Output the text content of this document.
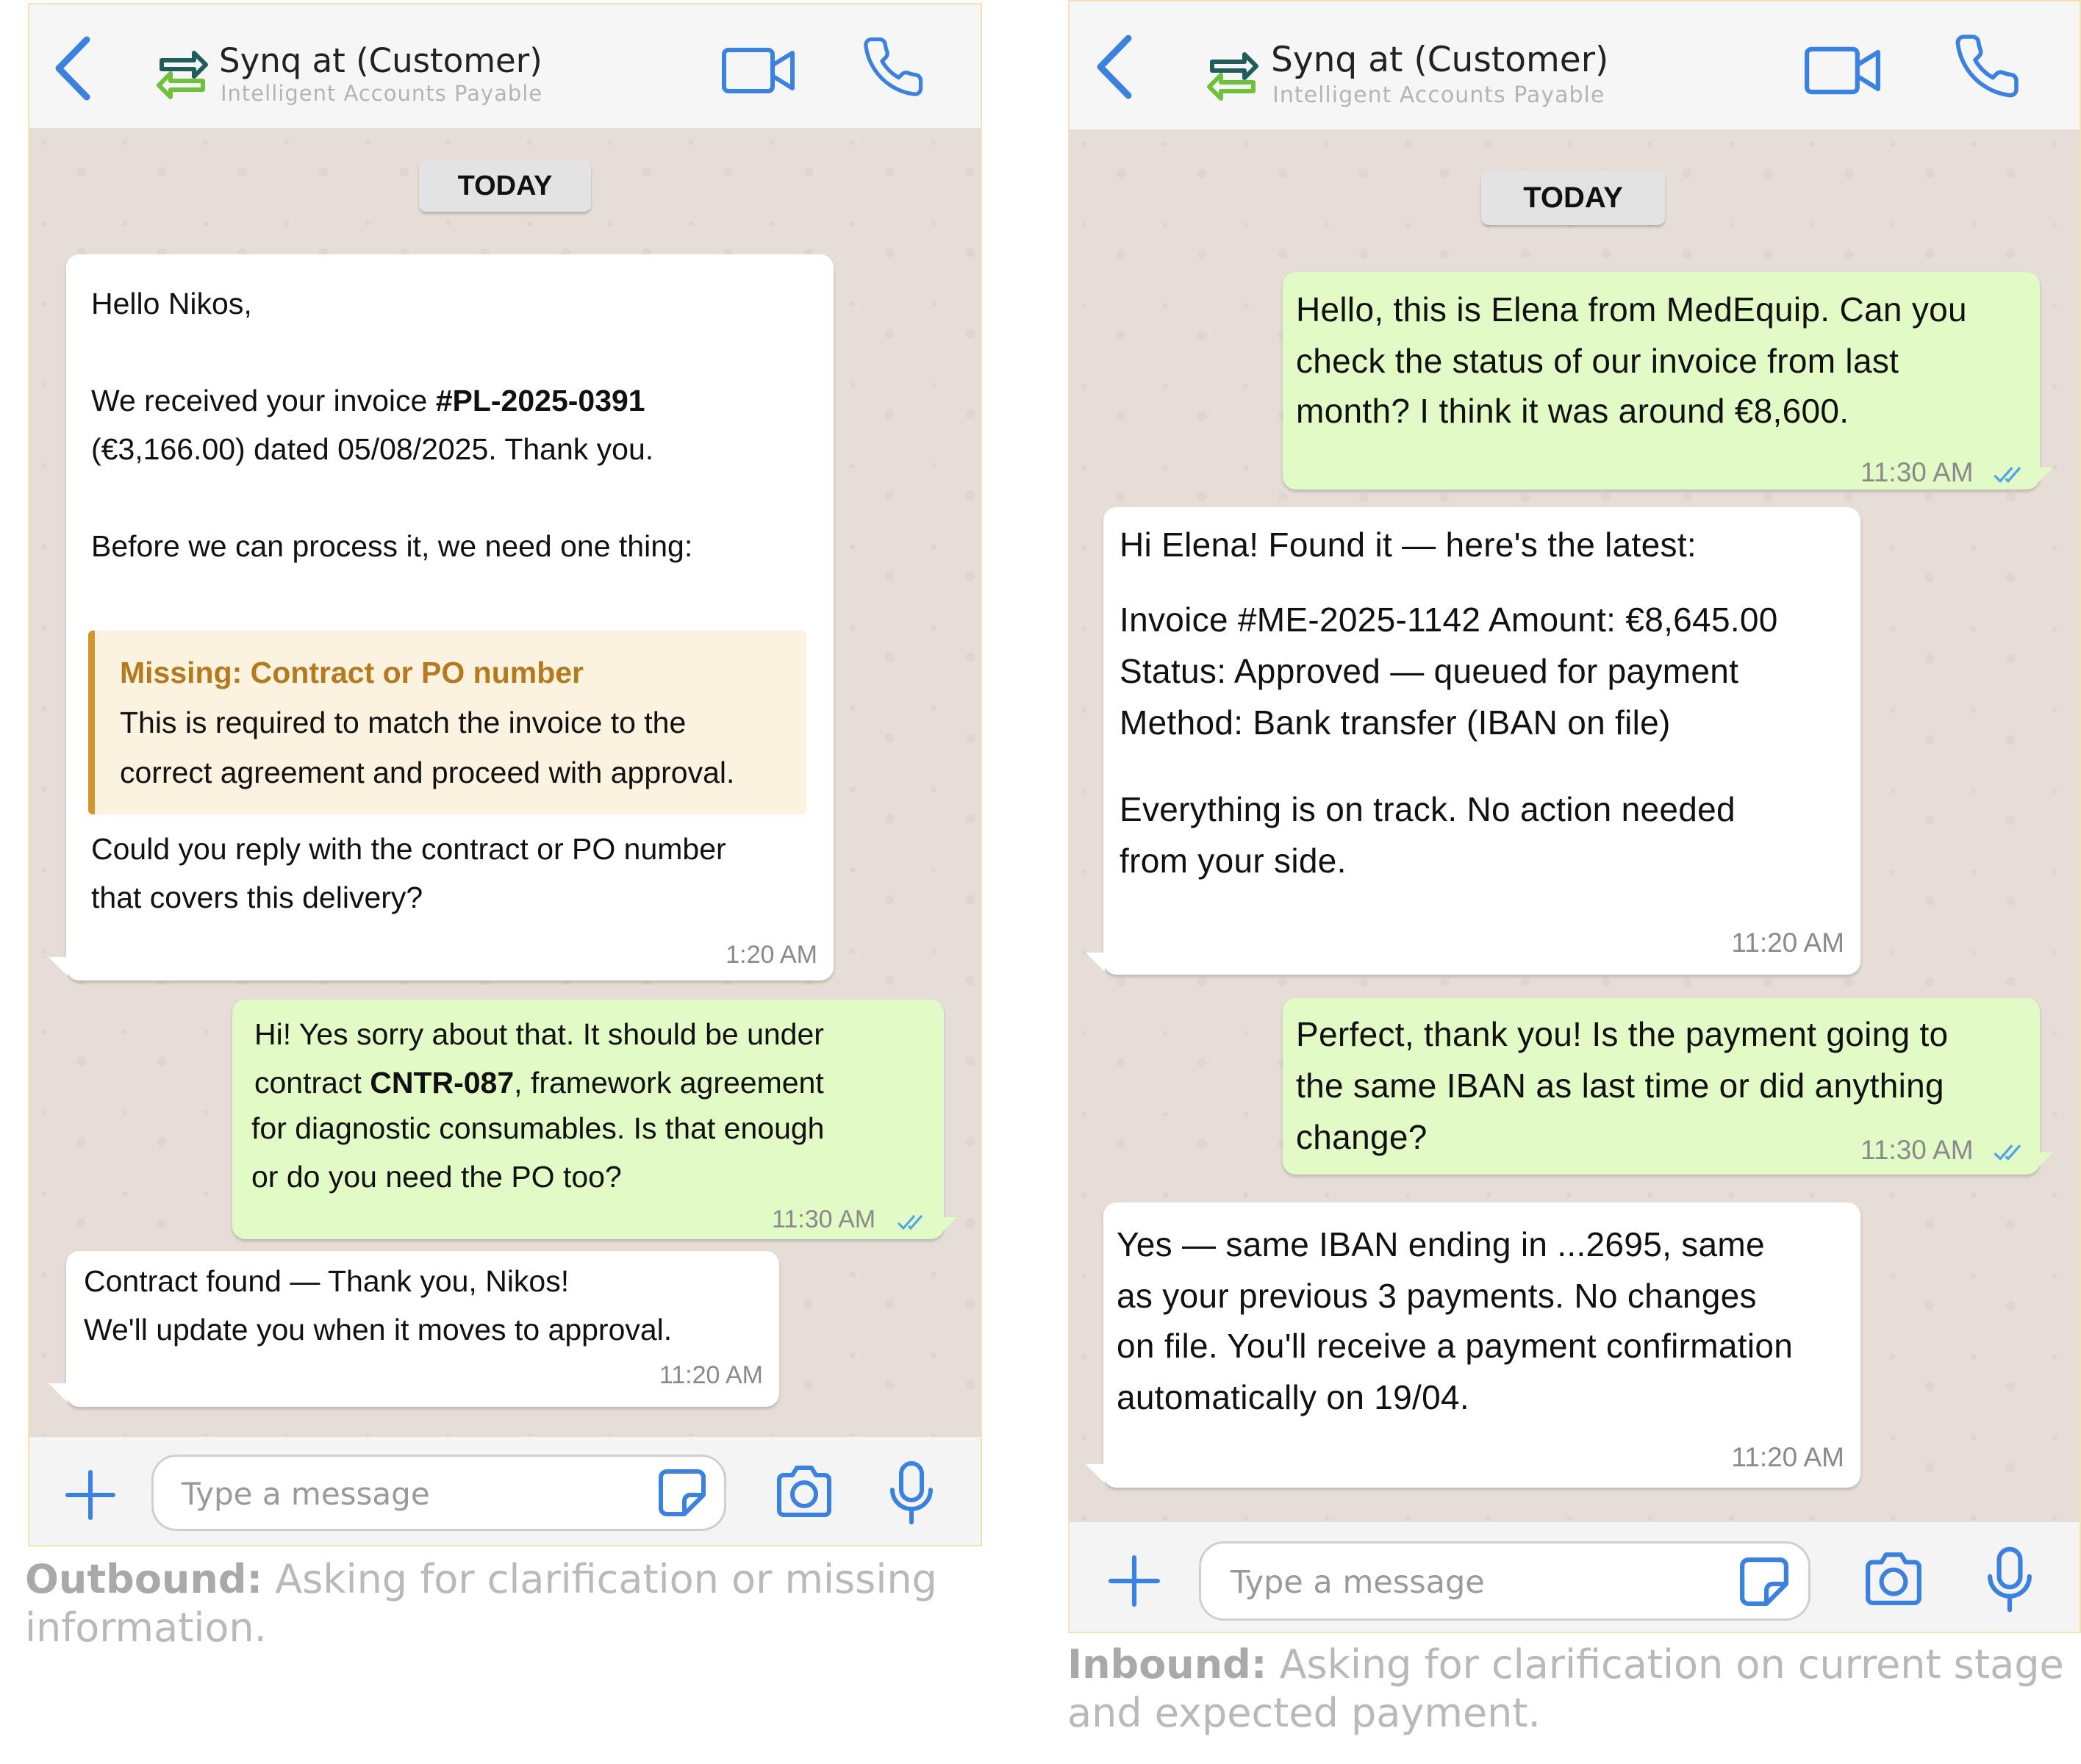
Synq at (Customer)
Intelligent Accounts Payable
TODAY
Hello Nikos,
We received your invoice #PL-2025-0391
(€3,166.00) dated 05/08/2025. Thank you.
Before we can process it, we need one thing:
Missing: Contract or PO number
This is required to match the invoice to the
correct agreement and proceed with approval.
Could you reply with the contract or PO number
that covers this delivery?
1:20 AM
Hi! Yes sorry about that. It should be under
contract CNTR-087, framework agreement
for diagnostic consumables. Is that enough
or do you need the PO too?
11:30 AM
Contract found — Thank you, Nikos!
We'll update you when it moves to approval.
11:20 AM
Type a message
Outbound: Asking for clarification or missing
information.
Synq at (Customer)
Intelligent Accounts Payable
TODAY
Hello, this is Elena from MedEquip. Can you
check the status of our invoice from last
month? I think it was around €8,600.
11:30 AM
Hi Elena! Found it — here's the latest:
Invoice #ME-2025-1142 Amount: €8,645.00
Status: Approved — queued for payment
Method: Bank transfer (IBAN on file)
Everything is on track. No action needed
from your side.
11:20 AM
Perfect, thank you! Is the payment going to
the same IBAN as last time or did anything
change?	11:30 AM
Yes — same IBAN ending in ...2695, same
as your previous 3 payments. No changes
on file. You'll receive a payment confirmation
automatically on 19/04.
11:20 AM
Type a message
Inbound: Asking for clarification on current stage
and expected payment.
